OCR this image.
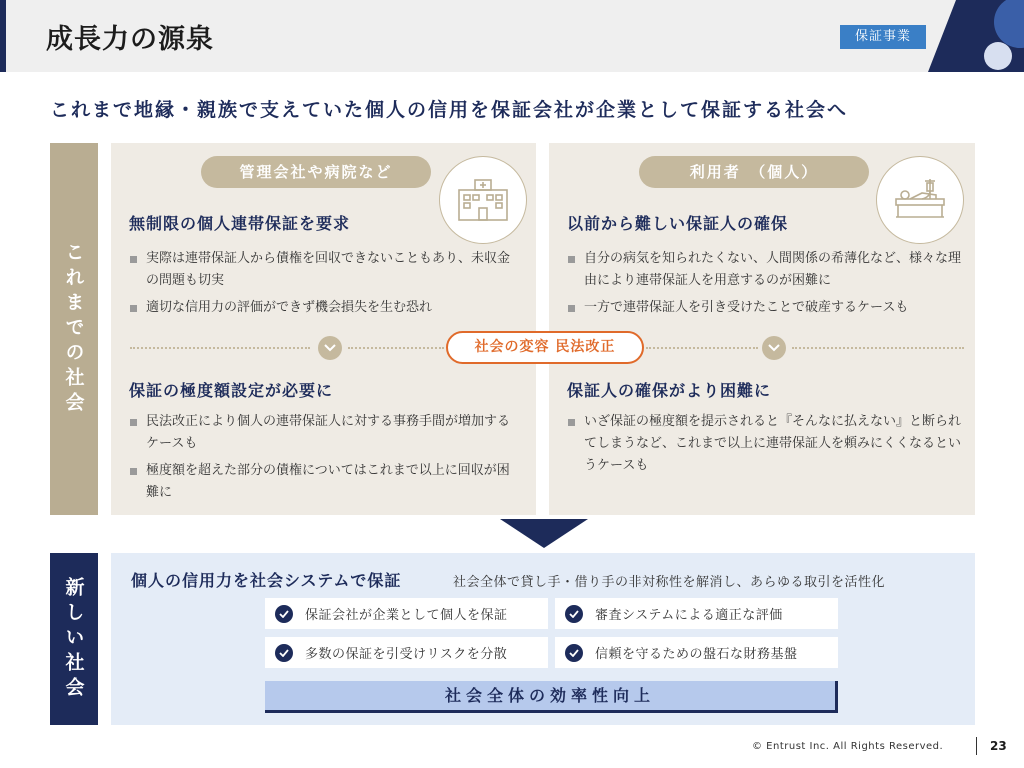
成長力の源泉	保証事業
これまで地縁・親族で支えていた個人の信用を保証会社が企業として保証する社会へ
これまでの社会
管理会社や病院など
無制限の個人連帯保証を要求
実際は連帯保証人から債権を回収できないことも​あり、未収金の問題も切実
適切な信用力の評価ができず機会損失を生む恐れ
保証の極度額設定が必要に
民法改正により個人の連帯保証人に対する事務手間が増加するケースも
極度額を超えた部分の債権についてはこれまで以上に回収が困難に
利用者　（個人）
以前から難しい保証人の確保
自分の病気を知られたくない、人間関係の希薄化など、様々な理由により連帯保証人を用意するのが困難に
一方で連帯保証人を引き受けたことで破産するケースも
保証人の確保がより困難に
いざ保証の極度額を提示されると『そんなに払えない』と断られてしまうなど、これまで以上に連帯保証人を頼みにくくなるというケースも
社会の変容 民法改正
新しい社会	個人の信用力を社会システムで保証	社会全体で貸し手・借り手の非対称性を解消し、あらゆる取引を活性化
保証会社が企業として個人を保証	審査システムによる適正な評価
多数の保証を引受けリスクを分散	信頼を守るための盤石な財務基盤
社会全体の効率性向上
© Entrust Inc. All Rights Reserved.	23
